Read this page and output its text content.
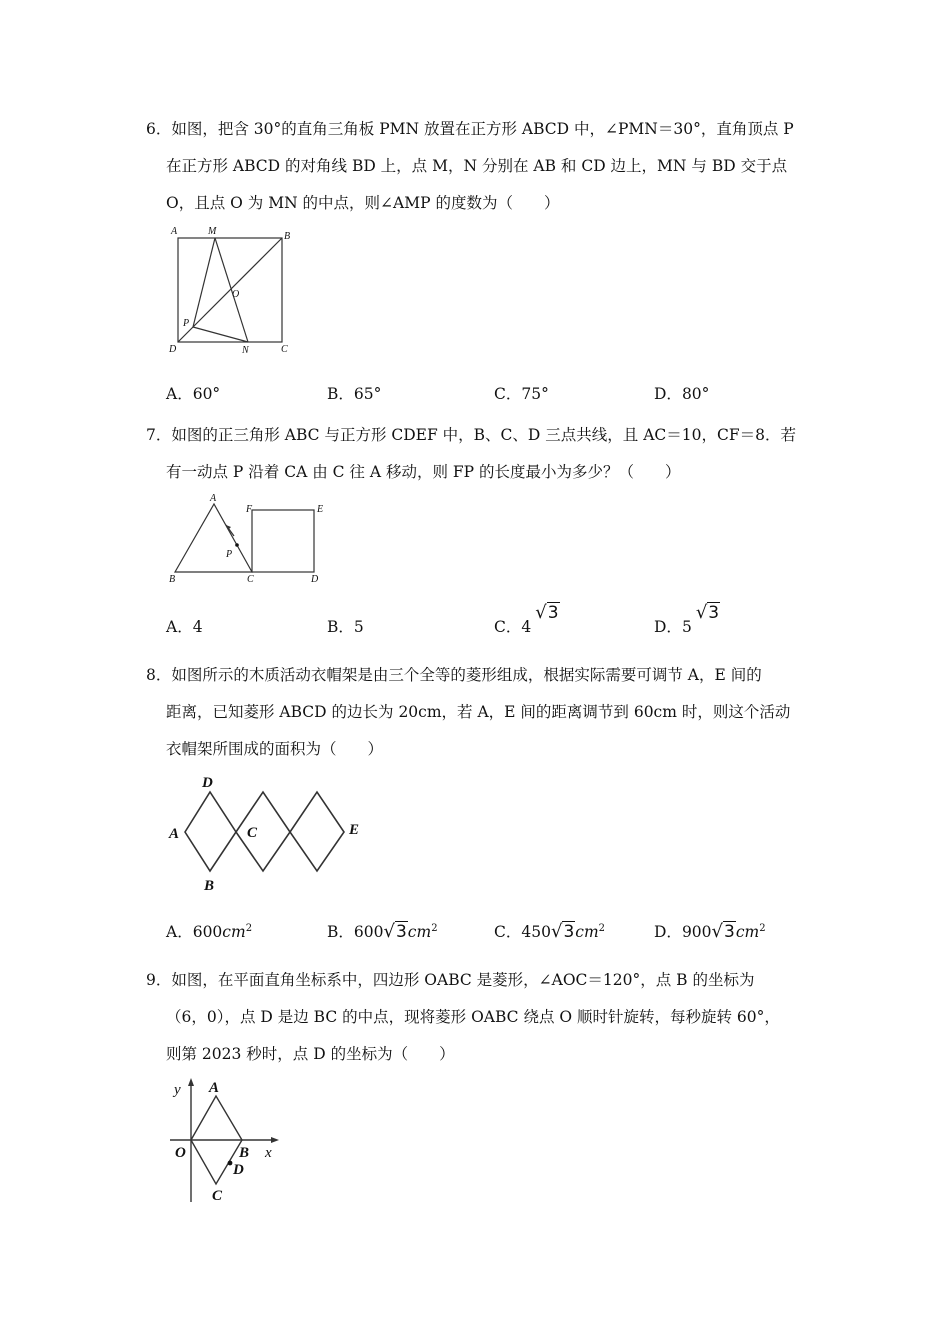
6．如图，把含 30°的直角三角板 PMN 放置在正方形 ABCD 中，∠PMN＝30°，直角顶点 P
在正方形 ABCD 的对角线 BD 上，点 M，N 分别在 AB 和 CD 边上，MN 与 BD 交于点
O，且点 O 为 MN 的中点，则∠AMP 的度数为（　　）
A	M	B
O
P
D	N	C
A．60°	B．65°	C．75°	D．80°
7．如图的正三角形 ABC 与正方形 CDEF 中，B、C、D 三点共线，且 AC＝10，CF＝8．若
有一动点 P 沿着 CA 由 C 往 A 移动，则 FP 的长度最小为多少？（　　）
A
F	E
P
B	C	D
A．4	B．5	C．4√3
D．5√3
8．如图所示的木质活动衣帽架是由三个全等的菱形组成，根据实际需要可调节 A，E 间的
距离，已知菱形 ABCD 的边长为 20cm，若 A，E 间的距离调节到 60cm 时，则这个活动
衣帽架所围成的面积为（　　）
D
A	C	E
B
A．$600cm^2$	B．$600√3cm^2$	C．$450√3cm^2$	D．$900√3cm^2$
9．如图，在平面直角坐标系中，四边形 OABC 是菱形，∠AOC＝120°，点 B 的坐标为
（6，0），点 D 是边 BC 的中点，现将菱形 OABC 绕点 O 顺时针旋转，每秒旋转 60°，
则第 2023 秒时，点 D 的坐标为（　　）
y A
O	B x
D
C
